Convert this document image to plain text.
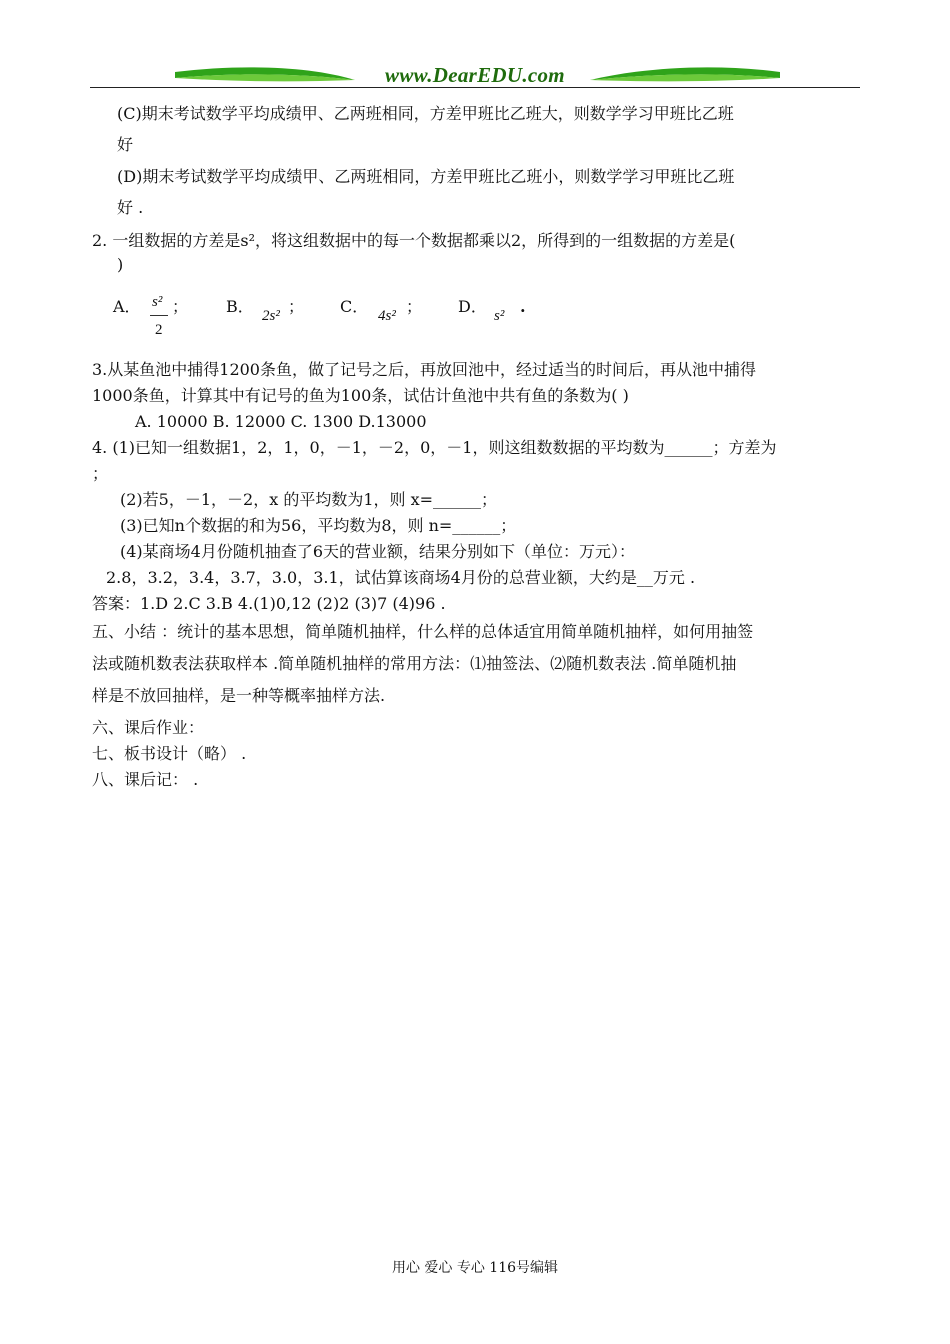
www.DearEDU.com
(C)期末考试数学平均成绩甲、乙两班相同，方差甲班比乙班大，则数学学习甲班比乙班
好
(D)期末考试数学平均成绩甲、乙两班相同，方差甲班比乙班小，则数学学习甲班比乙班
好 .
2. 一组数据的方差是s²，将这组数据中的每一个数据都乘以2，所得到的一组数据的方差是(
)
3.从某鱼池中捕得1200条鱼，做了记号之后，再放回池中，经过适当的时间后，再从池中捕得
1000条鱼，计算其中有记号的鱼为100条，试估计鱼池中共有鱼的条数为( )
A. 10000 B. 12000 C. 1300 D.13000
4. (1)已知一组数据1，2，1，0，－1，－2，0，－1，则这组数数据的平均数为______；方差为
；
(2)若5，－1，－2，x 的平均数为1，则 x=______；
(3)已知n个数据的和为56，平均数为8，则 n=______；
(4)某商场4月份随机抽查了6天的营业额，结果分别如下（单位：万元）：
2.8，3.2，3.4，3.7，3.0，3.1，试估算该商场4月份的总营业额，大约是__万元 .
答案：1.D 2.C 3.B 4.(1)0,12 (2)2 (3)7 (4)96 .
五、小结 ：统计的基本思想，简单随机抽样，什么样的总体适宜用简单随机抽样，如何用抽签
法或随机数表法获取样本 .简单随机抽样的常用方法：⑴抽签法、⑵随机数表法 .简单随机抽
样是不放回抽样，是一种等概率抽样方法.
六、课后作业：
七、板书设计（略） .
八、课后记： .
A． s²
2
； B． 2s² ； C． 4s² ； D． s² .
用心 爱心 专心 116号编辑
